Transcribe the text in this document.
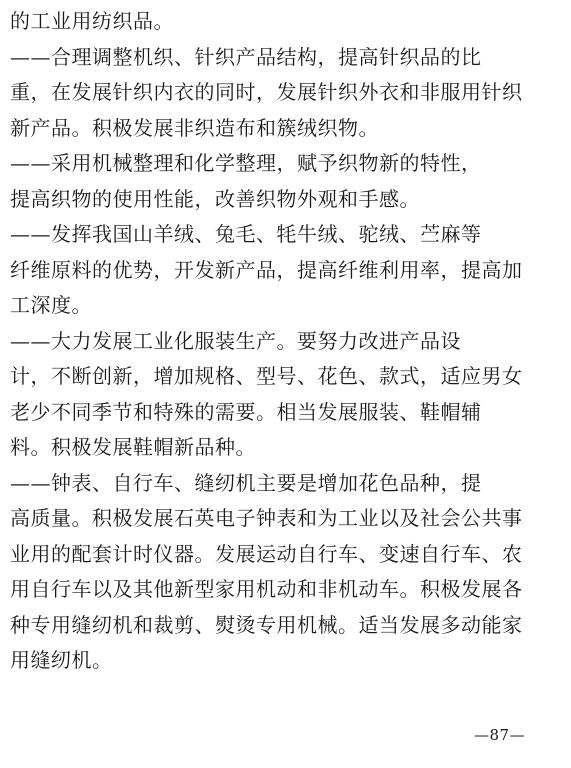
的工业用纺织品。
——合理调整机织、针织产品结构，提高针织品的比
重，在发展针织内衣的同时，发展针织外衣和非服用针织
新产品。积极发展非织造布和簇绒织物。
——采用机械整理和化学整理，赋予织物新的特性，
提高织物的使用性能，改善织物外观和手感。
——发挥我国山羊绒、兔毛、牦牛绒、驼绒、苎麻等
纤维原料的优势，开发新产品，提高纤维利用率，提高加
工深度。
——大力发展工业化服装生产。要努力改进产品设
计，不断创新，增加规格、型号、花色、款式，适应男女
老少不同季节和特殊的需要。相当发展服装、鞋帽辅
料。积极发展鞋帽新品种。
——钟表、自行车、缝纫机主要是增加花色品种，提
高质量。积极发展石英电子钟表和为工业以及社会公共事
业用的配套计时仪器。发展运动自行车、变速自行车、农
用自行车以及其他新型家用机动和非机动车。积极发展各
种专用缝纫机和裁剪、熨烫专用机械。适当发展多动能家
用缝纫机。
—87—
